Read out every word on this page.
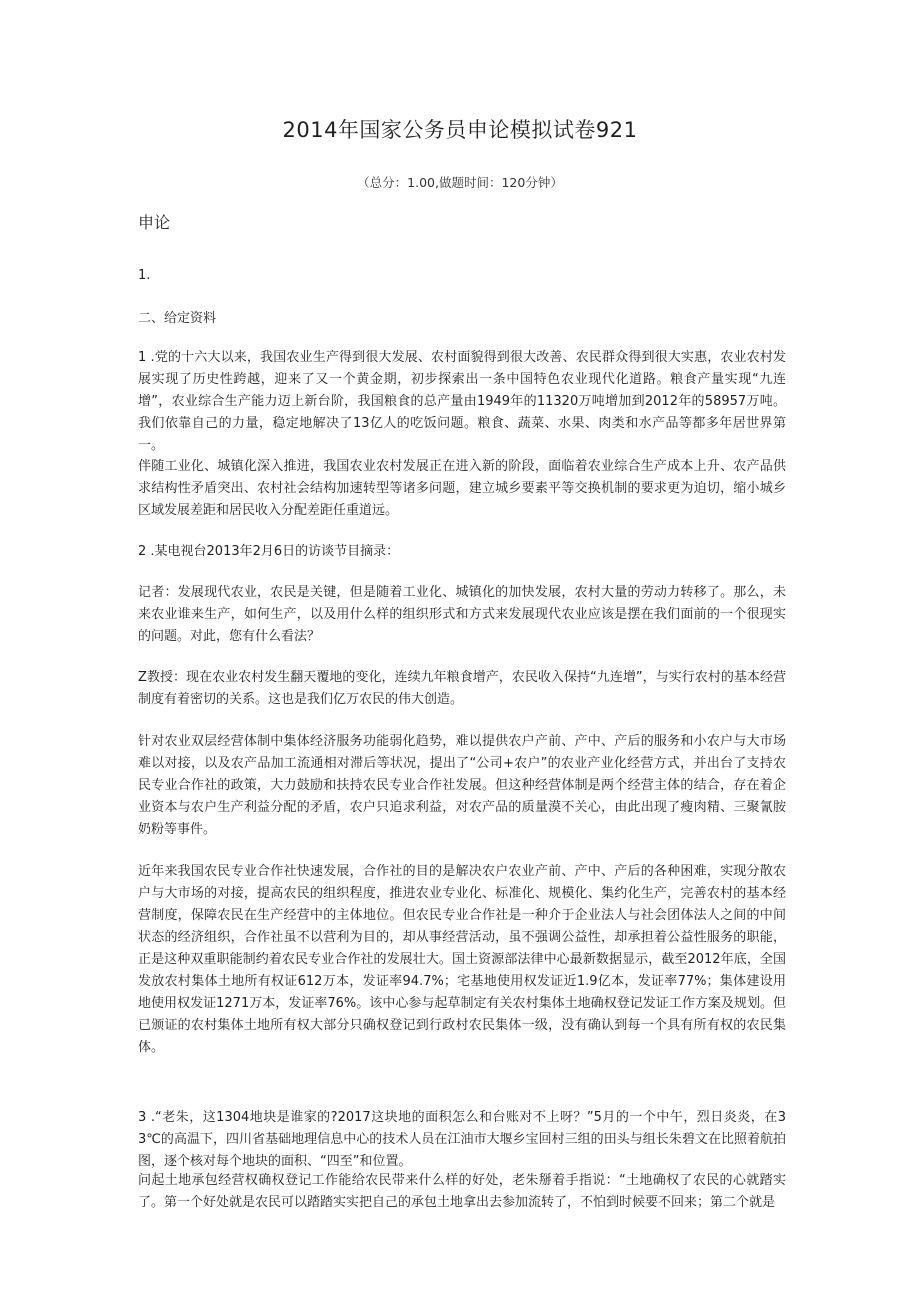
2014年国家公务员申论模拟试卷921
（总分：1.00,做题时间：120分钟）
申论
1.
二、给定资料
1 .党的十六大以来，我国农业生产得到很大发展、农村面貌得到很大改善、农民群众得到很大实惠，农业农村发展实现了历史性跨越，迎来了又一个黄金期，初步探索出一条中国特色农业现代化道路。粮食产量实现“九连增”，农业综合生产能力迈上新台阶，我国粮食的总产量由1949年的11320万吨增加到2012年的58957万吨。我们依靠自己的力量，稳定地解决了13亿人的吃饭问题。粮食、蔬菜、水果、肉类和水产品等都多年居世界第一。
伴随工业化、城镇化深入推进，我国农业农村发展正在进入新的阶段，面临着农业综合生产成本上升、农产品供求结构性矛盾突出、农村社会结构加速转型等诸多问题，建立城乡要素平等交换机制的要求更为迫切，缩小城乡区域发展差距和居民收入分配差距任重道远。
2 .某电视台2013年2月6日的访谈节目摘录：
记者：发展现代农业，农民是关键，但是随着工业化、城镇化的加快发展，农村大量的劳动力转移了。那么，未来农业谁来生产，如何生产，以及用什么样的组织形式和方式来发展现代农业应该是摆在我们面前的一个很现实的问题。对此，您有什么看法？
Z教授：现在农业农村发生翻天覆地的变化，连续九年粮食增产，农民收入保持“九连增”，与实行农村的基本经营制度有着密切的关系。这也是我们亿万农民的伟大创造。
针对农业双层经营体制中集体经济服务功能弱化趋势，难以提供农户产前、产中、产后的服务和小农户与大市场难以对接，以及农产品加工流通相对滞后等状况，提出了“公司+农户”的农业产业化经营方式，并出台了支持农民专业合作社的政策，大力鼓励和扶持农民专业合作社发展。但这种经营体制是两个经营主体的结合，存在着企业资本与农户生产利益分配的矛盾，农户只追求利益，对农产品的质量漠不关心，由此出现了瘦肉精、三聚氰胺奶粉等事件。
近年来我国农民专业合作社快速发展，合作社的目的是解决农户农业产前、产中、产后的各种困难，实现分散农户与大市场的对接，提高农民的组织程度，推进农业专业化、标准化、规模化、集约化生产，完善农村的基本经营制度，保障农民在生产经营中的主体地位。但农民专业合作社是一种介于企业法人与社会团体法人之间的中间状态的经济组织，合作社虽不以营利为目的，却从事经营活动，虽不强调公益性，却承担着公益性服务的职能，正是这种双重职能制约着农民专业合作社的发展壮大。国土资源部法律中心最新数据显示，截至2012年底，全国发放农村集体土地所有权证612万本，发证率94.7%；宅基地使用权发证近1.9亿本，发证率77%；集体建设用地使用权发证1271万本，发证率76%。该中心参与起草制定有关农村集体土地确权登记发证工作方案及规划。但已颁证的农村集体土地所有权大部分只确权登记到行政村农民集体一级，没有确认到每一个具有所有权的农民集体。
3 .“老朱，这1304地块是谁家的?2017这块地的面积怎么和台账对不上呀？”5月的一个中午，烈日炎炎，在33℃的高温下，四川省基础地理信息中心的技术人员在江油市大堰乡宝回村三组的田头与组长朱碧文在比照着航拍图，逐个核对每个地块的面积、“四至”和位置。
问起土地承包经营权确权登记工作能给农民带来什么样的好处，老朱掰着手指说：“土地确权了农民的心就踏实了。第一个好处就是农民可以踏踏实实把自己的承包土地拿出去参加流转了，不怕到时候要不回来；第二个就是
